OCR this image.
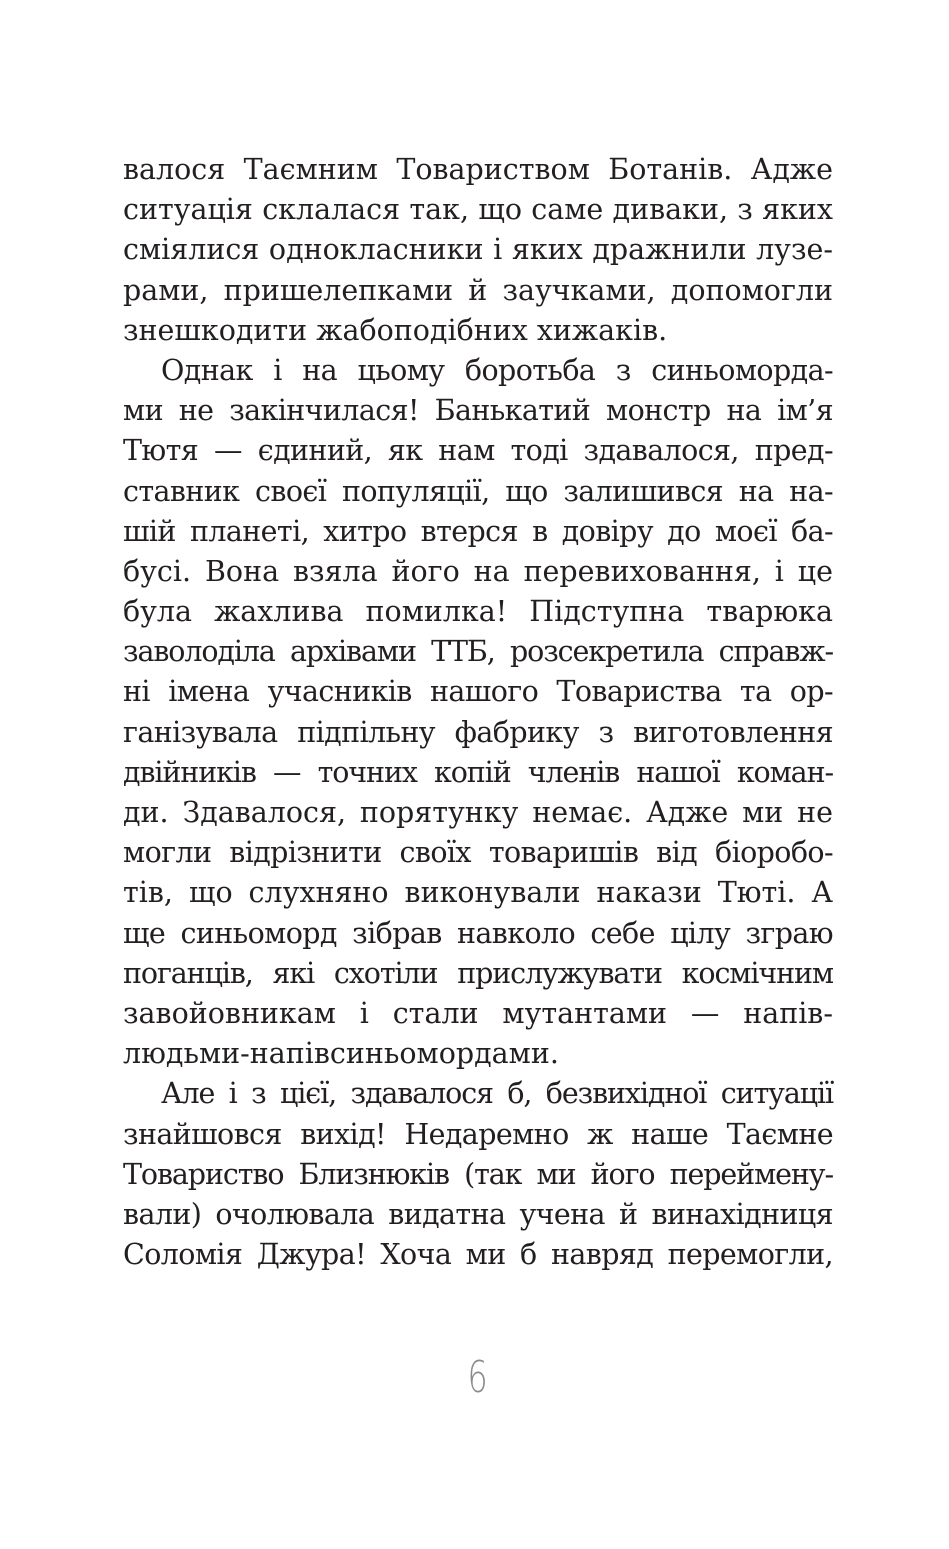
валося Таємним Товариством Ботанів. Адже
ситуація склалася так, що саме диваки, з яких
сміялися однокласники і яких дражнили лузе-
рами, пришелепками й заучками, допомогли
знешкодити жабоподібних хижаків.
Однак і на цьому боротьба з синьоморда-
ми не закінчилася! Банькатий монстр на ім’я
Тютя — єдиний, як нам тоді здавалося, пред-
ставник своєї популяції, що залишився на на-
шій планеті, хитро втерся в довіру до моєї ба-
бусі. Вона взяла його на перевиховання, і це
була жахлива помилка! Підступна тварюка
заволоділа архівами ТТБ, розсекретила справж-
ні імена учасників нашого Товариства та ор-
ганізувала підпільну фабрику з виготовлення
двійників — точних копій членів нашої коман-
ди. Здавалося, порятунку немає. Адже ми не
могли відрізнити своїх товаришів від біоробо-
тів, що слухняно виконували накази Тюті. А
ще синьоморд зібрав навколо себе цілу зграю
поганців, які схотіли прислужувати космічним
завойовникам і стали мутантами — напів-
людьми-напівсиньомордами.
Але і з цієї, здавалося б, безвихідної ситуації
знайшовся вихід! Недаремно ж наше Таємне
Товариство Близнюків (так ми його переймену-
вали) очолювала видатна учена й винахідниця
Соломія Джура! Хоча ми б навряд перемогли,
6
